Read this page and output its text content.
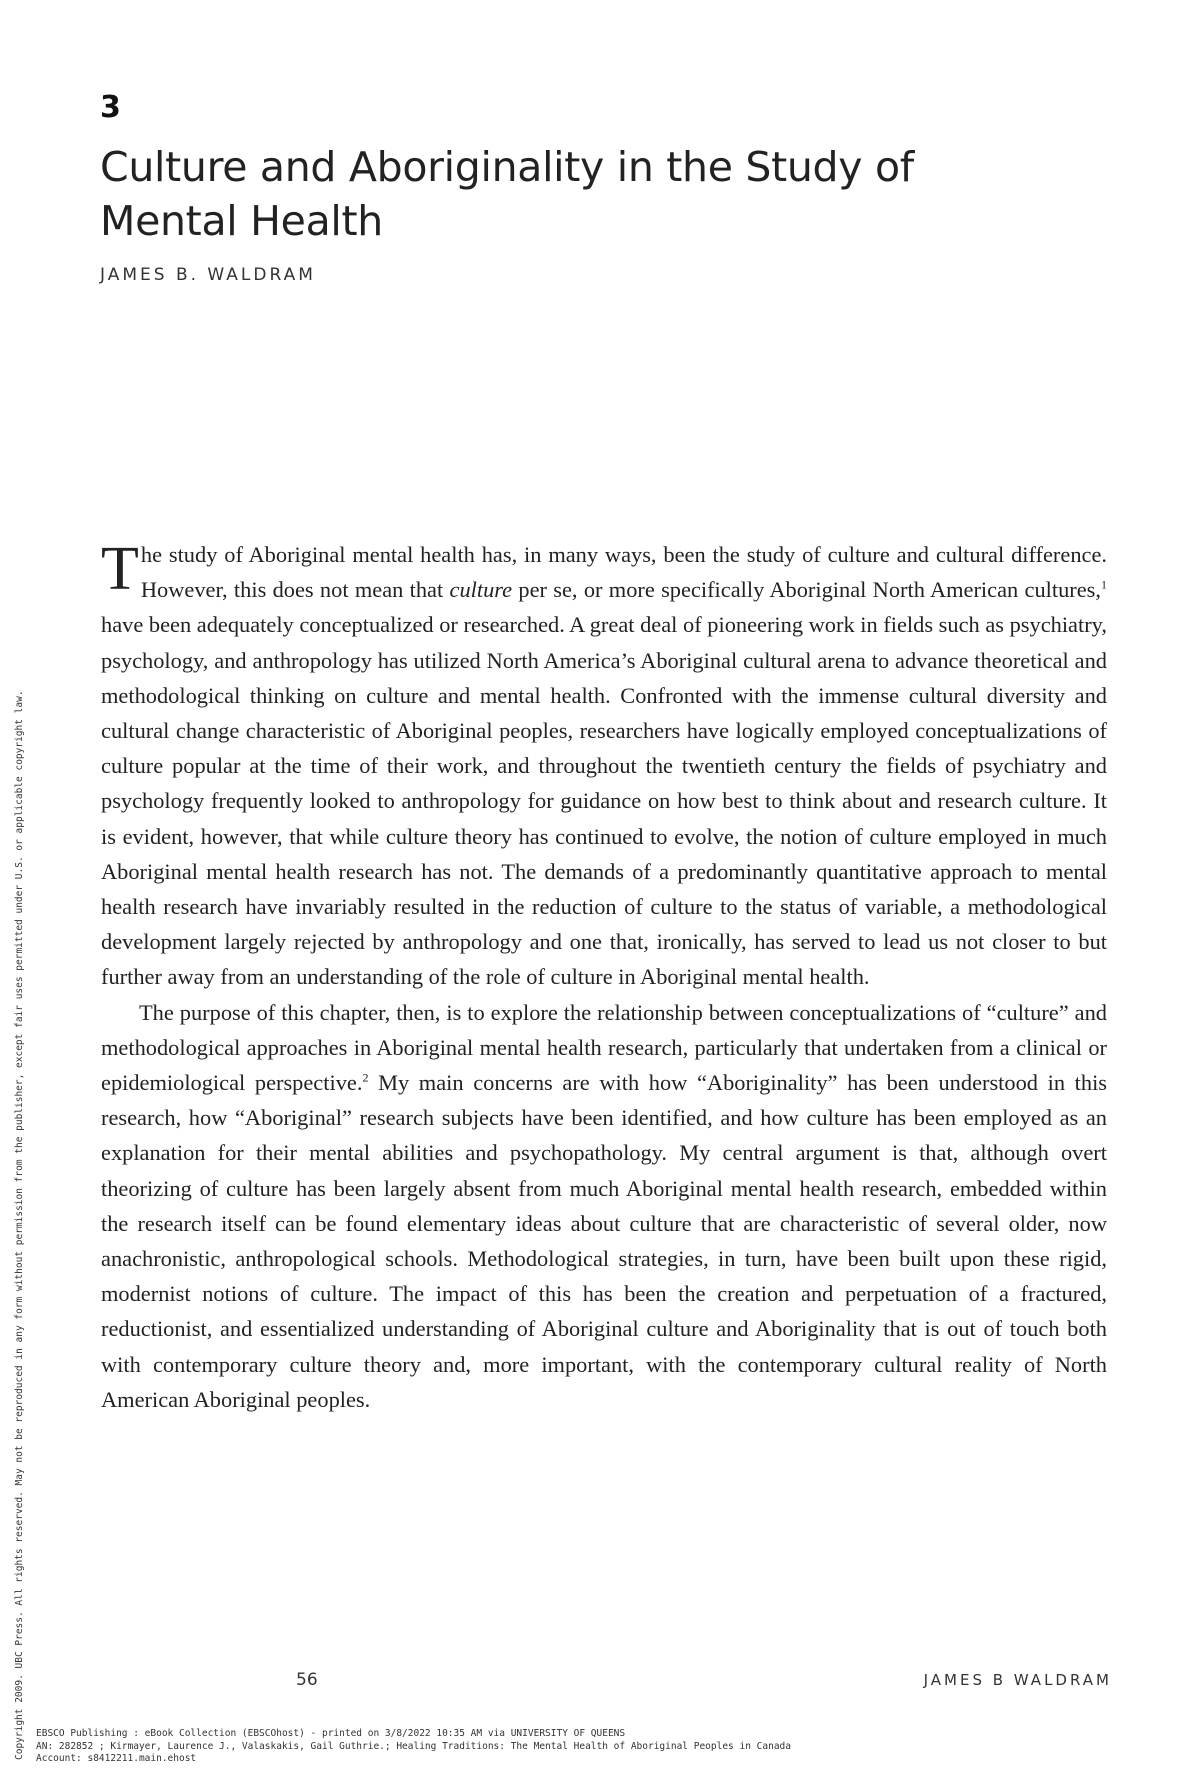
3
Culture and Aboriginality in the Study of Mental Health
JAMES B. WALDRAM

The study of Aboriginal mental health has, in many ways, been the study of culture and cultural difference. However, this does not mean that culture per se, or more specifically Aboriginal North American cultures,$^1$ have been adequately conceptualized or researched. A great deal of pioneering work in fields such as psychiatry, psychology, and anthropology has utilized North America’s Aboriginal cultural arena to advance theoretical and methodological thinking on culture and mental health. Confronted with the immense cultural diversity and cultural change characteristic of Aboriginal peoples, researchers have logically employed conceptualizations of culture popular at the time of their work, and throughout the twentieth century the fields of psychiatry and psychology frequently looked to anthropology for guidance on how best to think about and research culture. It is evident, however, that while culture theory has continued to evolve, the notion of culture employed in much Aboriginal mental health research has not. The demands of a predominantly quantitative approach to mental health research have invariably resulted in the reduction of culture to the status of variable, a methodological development largely rejected by anthropology and one that, ironically, has served to lead us not closer to but further away from an understanding of the role of culture in Aboriginal mental health.

The purpose of this chapter, then, is to explore the relationship between conceptualizations of “culture” and methodological approaches in Aboriginal mental health research, particularly that undertaken from a clinical or epidemiological perspective.$^2$ My main concerns are with how “Aboriginality” has been understood in this research, how “Aboriginal” research subjects have been identified, and how culture has been employed as an explanation for their mental abilities and psychopathology. My central argument is that, although overt theorizing of culture has been largely absent from much Aboriginal mental health research, embedded within the research itself can be found elementary ideas about culture that are characteristic of several older, now anachronistic, anthropological schools. Methodological strategies, in turn, have been built upon these rigid, modernist notions of culture. The impact of this has been the creation and perpetuation of a fractured, reductionist, and essentialized understanding of Aboriginal culture and Aboriginality that is out of touch both with contemporary culture theory and, more important, with the contemporary cultural reality of North American Aboriginal peoples.

56	JAMES B WALDRAM
EBSCO Publishing : eBook Collection (EBSCOhost) - printed on 3/8/2022 10:35 AM via UNIVERSITY OF QUEENS
AN: 282852 ; Kirmayer, Laurence J., Valaskakis, Gail Guthrie.; Healing Traditions: The Mental Health of Aboriginal Peoples in Canada
Account: s8412211.main.ehost
Copyright 2009. UBC Press. All rights reserved. May not be reproduced in any form without permission from the publisher, except fair uses permitted under U.S. or applicable copyright law.
